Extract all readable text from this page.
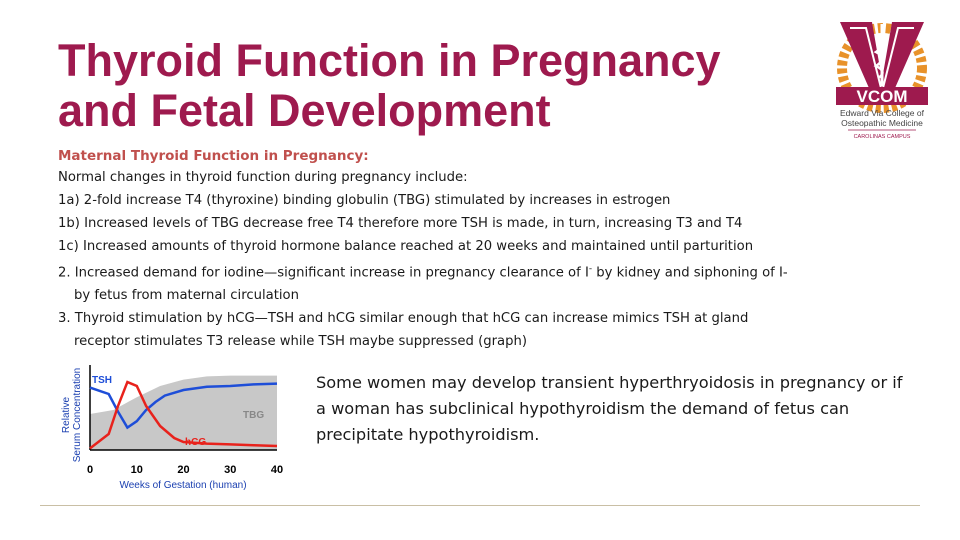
Thyroid Function in Pregnancy
and Fetal Development	VCOM
Edward Via College of
Osteopathic Medicine
CAROLINAS CAMPUS
Maternal Thyroid Function in Pregnancy:
Normal changes in thyroid function during pregnancy include:
1a) 2-fold increase T4 (thyroxine) binding globulin (TBG) stimulated by increases in estrogen
1b) Increased levels of TBG decrease free T4 therefore more TSH is made, in turn, increasing T3 and T4
1c) Increased amounts of thyroid hormone balance reached at 20 weeks and maintained until parturition
2. Increased demand for iodine—significant increase in pregnancy clearance of I- by kidney and siphoning of I-
by fetus from maternal circulation
3. Thyroid stimulation by hCG—TSH and hCG similar enough that hCG can increase mimics TSH at gland
receptor stimulates T3 release while TSH maybe suppressed (graph)
RelativeSerum Concentration TSH
TBG
hCG
0	10	20	30	40
Weeks of Gestation (human)
Some women may develop transient hyperthryoidosis in pregnancy or if a woman has subclinical hypothyroidism the demand of fetus can precipitate hypothyroidism.
